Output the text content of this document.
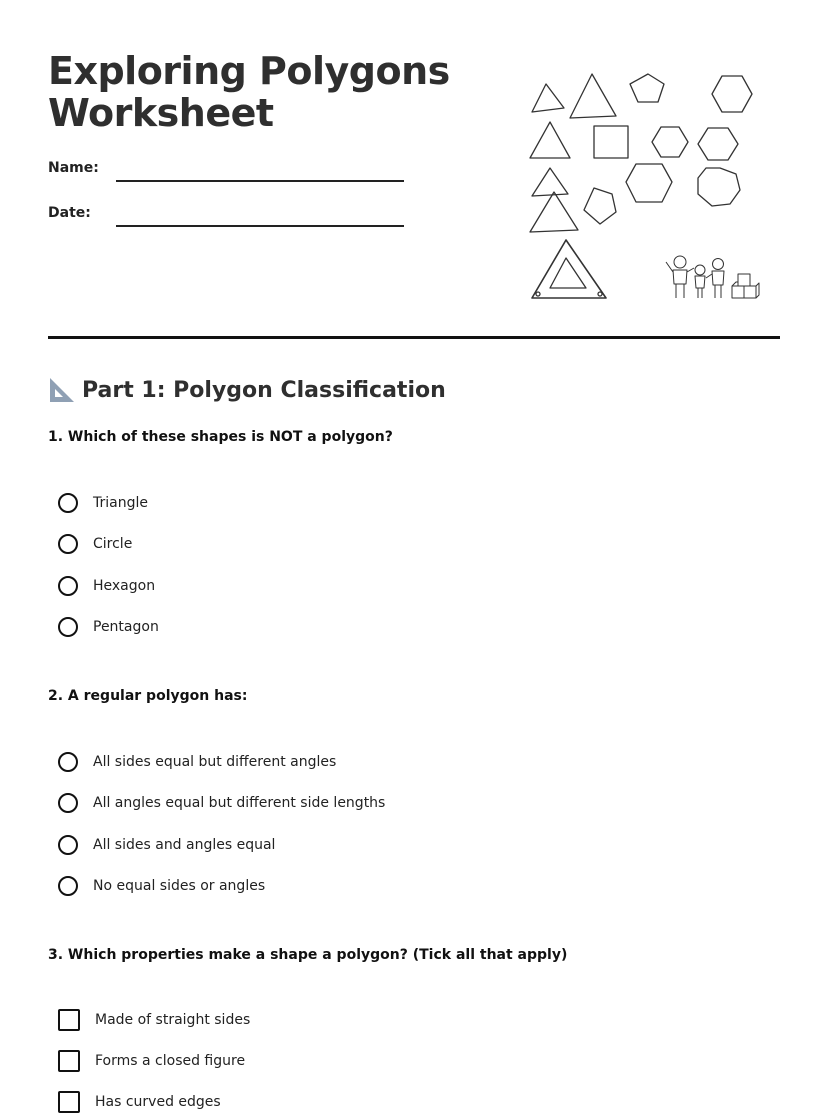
Exploring Polygons
Worksheet
Name:
Date:
Part 1: Polygon Classification
1. Which of these shapes is NOT a polygon?
Triangle
Circle
Hexagon
Pentagon
2. A regular polygon has:
All sides equal but different angles
All angles equal but different side lengths
All sides and angles equal
No equal sides or angles
3. Which properties make a shape a polygon? (Tick all that apply)
Made of straight sides
Forms a closed figure
Has curved edges
